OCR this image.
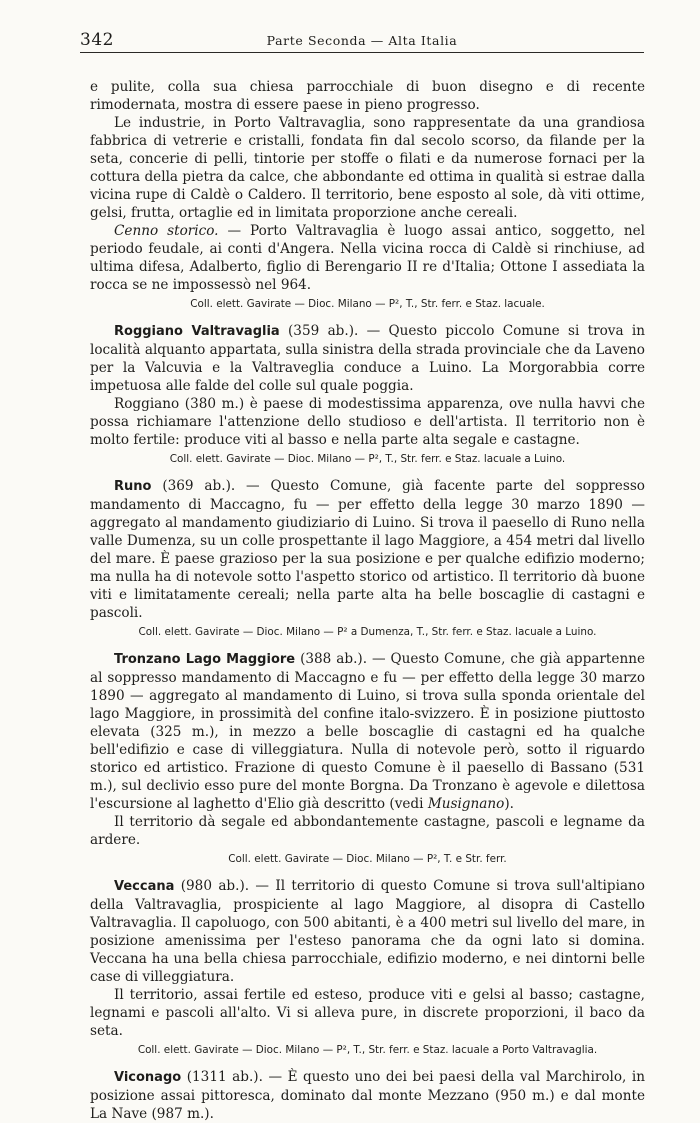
342	Parte Seconda — Alta Italia

e pulite, colla sua chiesa parrocchiale di buon disegno e di recente rimodernata, mostra di essere paese in pieno progresso.

Le industrie, in Porto Valtravaglia, sono rappresentate da una grandiosa fabbrica di vetrerie e cristalli, fondata fin dal secolo scorso, da filande per la seta, concerie di pelli, tintorie per stoffe o filati e da numerose fornaci per la cottura della pietra da calce, che abbondante ed ottima in qualità si estrae dalla vicina rupe di Caldè o Caldero. Il territorio, bene esposto al sole, dà viti ottime, gelsi, frutta, ortaglie ed in limitata proporzione anche cereali.

Cenno storico. — Porto Valtravaglia è luogo assai antico, soggetto, nel periodo feudale, ai conti d'Angera. Nella vicina rocca di Caldè si rinchiuse, ad ultima difesa, Adalberto, figlio di Berengario II re d'Italia; Ottone I assediata la rocca se ne impossessò nel 964.

Coll. elett. Gavirate — Dioc. Milano — P², T., Str. ferr. e Staz. lacuale.

Roggiano Valtravaglia (359 ab.). — Questo piccolo Comune si trova in località alquanto appartata, sulla sinistra della strada provinciale che da Laveno per la Valcuvia e la Valtraveglia conduce a Luino. La Morgorabbia corre impetuosa alle falde del colle sul quale poggia.

Roggiano (380 m.) è paese di modestissima apparenza, ove nulla havvi che possa richiamare l'attenzione dello studioso e dell'artista. Il territorio non è molto fertile: produce viti al basso e nella parte alta segale e castagne.

Coll. elett. Gavirate — Dioc. Milano — P², T., Str. ferr. e Staz. lacuale a Luino.

Runo (369 ab.). — Questo Comune, già facente parte del soppresso mandamento di Maccagno, fu — per effetto della legge 30 marzo 1890 — aggregato al mandamento giudiziario di Luino. Si trova il paesello di Runo nella valle Dumenza, su un colle prospettante il lago Maggiore, a 454 metri dal livello del mare. È paese grazioso per la sua posizione e per qualche edifizio moderno; ma nulla ha di notevole sotto l'aspetto storico od artistico. Il territorio dà buone viti e limitatamente cereali; nella parte alta ha belle boscaglie di castagni e pascoli.

Coll. elett. Gavirate — Dioc. Milano — P² a Dumenza, T., Str. ferr. e Staz. lacuale a Luino.

Tronzano Lago Maggiore (388 ab.). — Questo Comune, che già appartenne al soppresso mandamento di Maccagno e fu — per effetto della legge 30 marzo 1890 — aggregato al mandamento di Luino, si trova sulla sponda orientale del lago Maggiore, in prossimità del confine italo-svizzero. È in posizione piuttosto elevata (325 m.), in mezzo a belle boscaglie di castagni ed ha qualche bell'edifizio e case di villeggiatura. Nulla di notevole però, sotto il riguardo storico ed artistico. Frazione di questo Comune è il paesello di Bassano (531 m.), sul declivio esso pure del monte Borgna. Da Tronzano è agevole e dilettosa l'escursione al laghetto d'Elio già descritto (vedi Musignano).

Il territorio dà segale ed abbondantemente castagne, pascoli e legname da ardere.

Coll. elett. Gavirate — Dioc. Milano — P², T. e Str. ferr.

Veccana (980 ab.). — Il territorio di questo Comune si trova sull'altipiano della Valtravaglia, prospiciente al lago Maggiore, al disopra di Castello Valtravaglia. Il capoluogo, con 500 abitanti, è a 400 metri sul livello del mare, in posizione amenissima per l'esteso panorama che da ogni lato si domina. Veccana ha una bella chiesa parrocchiale, edifizio moderno, e nei dintorni belle case di villeggiatura.

Il territorio, assai fertile ed esteso, produce viti e gelsi al basso; castagne, legnami e pascoli all'alto. Vi si alleva pure, in discrete proporzioni, il baco da seta.

Coll. elett. Gavirate — Dioc. Milano — P², T., Str. ferr. e Staz. lacuale a Porto Valtravaglia.

Viconago (1311 ab.). — È questo uno dei bei paesi della val Marchirolo, in posizione assai pittoresca, dominato dal monte Mezzano (950 m.) e dal monte La Nave (987 m.).
